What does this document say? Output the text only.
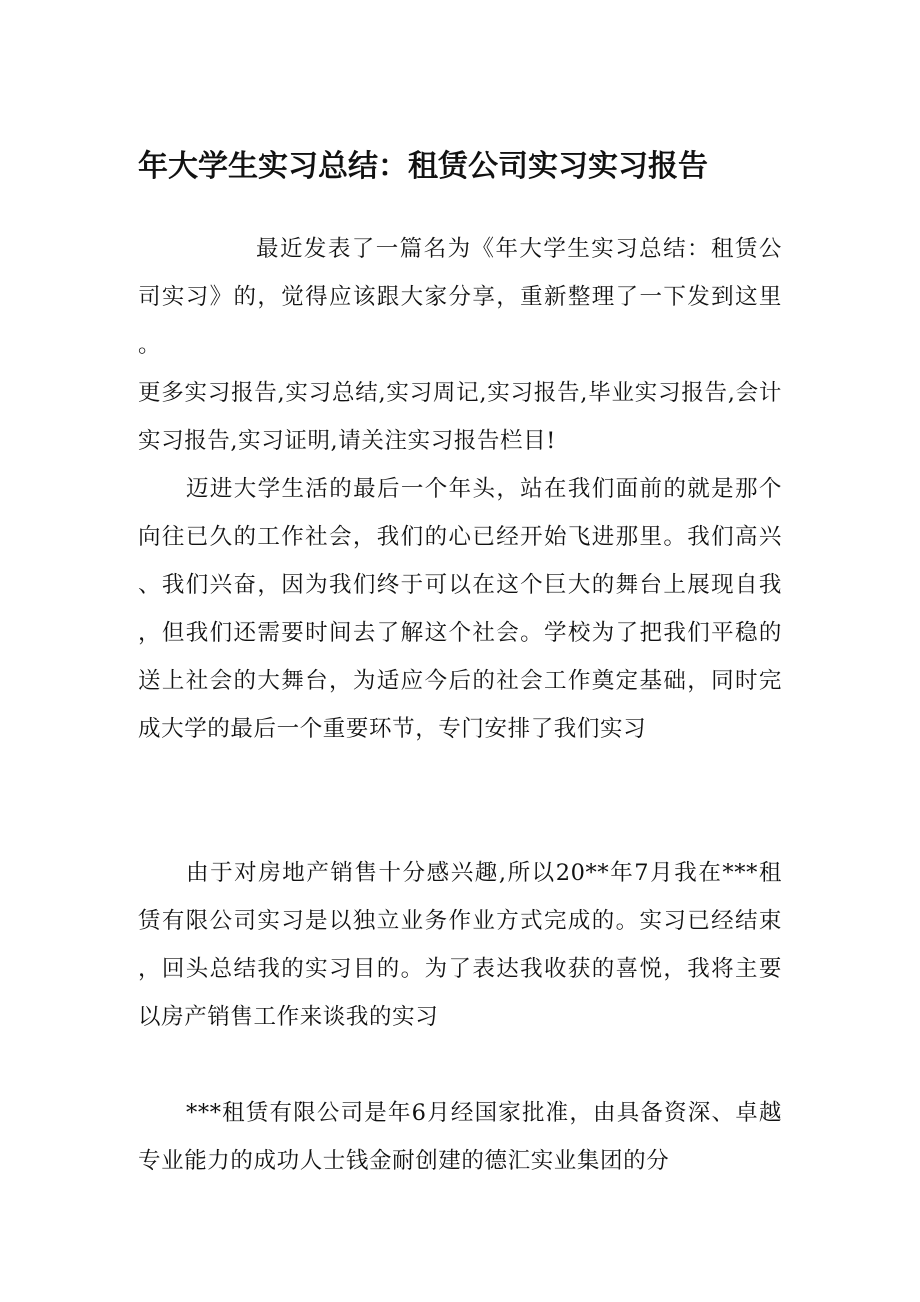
年大学生实习总结：租赁公司实习实习报告

最近发表了一篇名为《年大学生实习总结：租赁公司实习》的，觉得应该跟大家分享，重新整理了一下发到这里。

更多实习报告,实习总结,实习周记,实习报告,毕业实习报告,会计实习报告,实习证明,请关注实习报告栏目!

迈进大学生活的最后一个年头，站在我们面前的就是那个向往已久的工作社会，我们的心已经开始飞进那里。我们高兴、我们兴奋，因为我们终于可以在这个巨大的舞台上展现自我，但我们还需要时间去了解这个社会。学校为了把我们平稳的送上社会的大舞台，为适应今后的社会工作奠定基础，同时完成大学的最后一个重要环节，专门安排了我们实习

由于对房地产销售十分感兴趣,所以20**年7月我在***租赁有限公司实习是以独立业务作业方式完成的。实习已经结束，回头总结我的实习目的。为了表达我收获的喜悦，我将主要以房产销售工作来谈我的实习

***租赁有限公司是年6月经国家批准，由具备资深、卓越专业能力的成功人士钱金耐创建的德汇实业集团的分
